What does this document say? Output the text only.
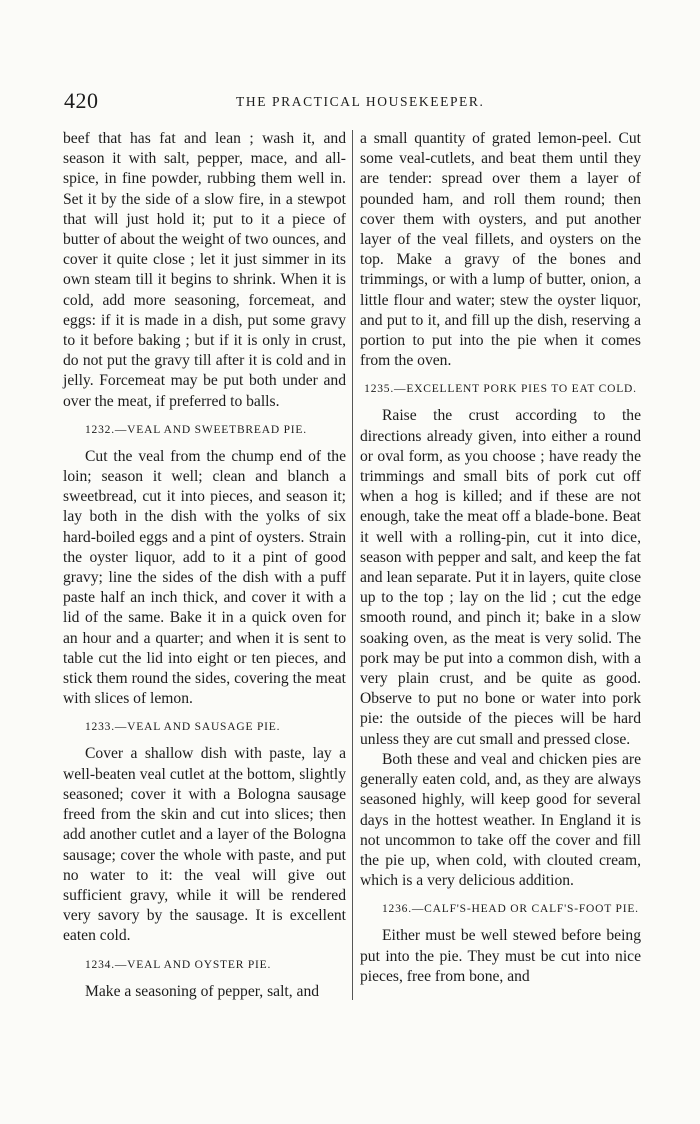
420	THE PRACTICAL HOUSEKEEPER.

beef that has fat and lean ; wash it, and season it with salt, pepper, mace, and all-spice, in fine powder, rubbing them well in. Set it by the side of a slow fire, in a stewpot that will just hold it; put to it a piece of butter of about the weight of two ounces, and cover it quite close ; let it just simmer in its own steam till it begins to shrink. When it is cold, add more seasoning, forcemeat, and eggs: if it is made in a dish, put some gravy to it before baking ; but if it is only in crust, do not put the gravy till after it is cold and in jelly. Forcemeat may be put both under and over the meat, if preferred to balls.

1232.—VEAL AND SWEETBREAD PIE.

Cut the veal from the chump end of the loin; season it well; clean and blanch a sweetbread, cut it into pieces, and season it; lay both in the dish with the yolks of six hard-boiled eggs and a pint of oysters. Strain the oyster liquor, add to it a pint of good gravy; line the sides of the dish with a puff paste half an inch thick, and cover it with a lid of the same. Bake it in a quick oven for an hour and a quarter; and when it is sent to table cut the lid into eight or ten pieces, and stick them round the sides, covering the meat with slices of lemon.

1233.—VEAL AND SAUSAGE PIE.

Cover a shallow dish with paste, lay a well-beaten veal cutlet at the bottom, slightly seasoned; cover it with a Bologna sausage freed from the skin and cut into slices; then add another cutlet and a layer of the Bologna sausage; cover the whole with paste, and put no water to it: the veal will give out sufficient gravy, while it will be rendered very savory by the sausage. It is excellent eaten cold.

1234.—VEAL AND OYSTER PIE.

Make a seasoning of pepper, salt, and

a small quantity of grated lemon-peel. Cut some veal-cutlets, and beat them until they are tender: spread over them a layer of pounded ham, and roll them round; then cover them with oysters, and put another layer of the veal fillets, and oysters on the top. Make a gravy of the bones and trimmings, or with a lump of butter, onion, a little flour and water; stew the oyster liquor, and put to it, and fill up the dish, reserving a portion to put into the pie when it comes from the oven.

1235.—EXCELLENT PORK PIES TO EAT COLD.

Raise the crust according to the directions already given, into either a round or oval form, as you choose ; have ready the trimmings and small bits of pork cut off when a hog is killed; and if these are not enough, take the meat off a blade-bone. Beat it well with a rolling-pin, cut it into dice, season with pepper and salt, and keep the fat and lean separate. Put it in layers, quite close up to the top ; lay on the lid ; cut the edge smooth round, and pinch it; bake in a slow soaking oven, as the meat is very solid. The pork may be put into a common dish, with a very plain crust, and be quite as good. Observe to put no bone or water into pork pie: the outside of the pieces will be hard unless they are cut small and pressed close.

Both these and veal and chicken pies are generally eaten cold, and, as they are always seasoned highly, will keep good for several days in the hottest weather. In England it is not uncommon to take off the cover and fill the pie up, when cold, with clouted cream, which is a very delicious addition.

1236.—CALF'S-HEAD OR CALF'S-FOOT PIE.

Either must be well stewed before being put into the pie. They must be cut into nice pieces, free from bone, and
